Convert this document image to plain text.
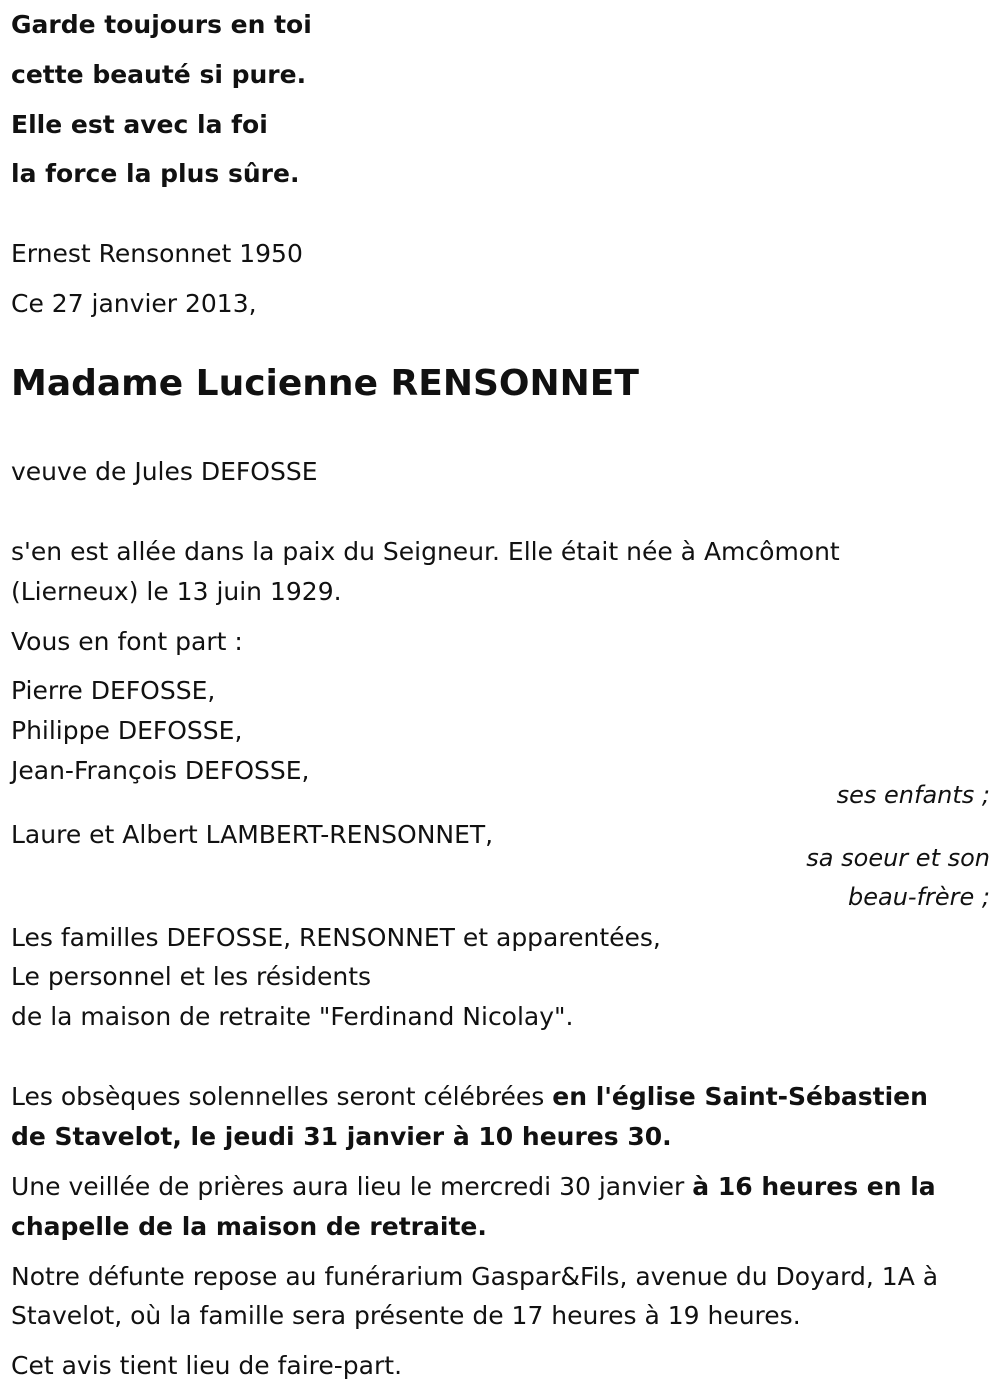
Garde toujours en toi
cette beauté si pure.
Elle est avec la foi
la force la plus sûre.
Ernest Rensonnet 1950
Ce 27 janvier 2013,
Madame Lucienne RENSONNET
veuve de Jules DEFOSSE
s'en est allée dans la paix du Seigneur. Elle était née à Amcômont
(Lierneux) le 13 juin 1929.
Vous en font part :
Pierre DEFOSSE,
Philippe DEFOSSE,
Jean-François DEFOSSE,
ses enfants ;
Laure et Albert LAMBERT-RENSONNET,
sa soeur et son
beau-frère ;
Les familles DEFOSSE, RENSONNET et apparentées,
Le personnel et les résidents
de la maison de retraite "Ferdinand Nicolay".
Les obsèques solennelles seront célébrées en l'église Saint-Sébastien
de Stavelot, le jeudi 31 janvier à 10 heures 30.
Une veillée de prières aura lieu le mercredi 30 janvier à 16 heures en la
chapelle de la maison de retraite.
Notre défunte repose au funérarium Gaspar&Fils, avenue du Doyard, 1A à
Stavelot, où la famille sera présente de 17 heures à 19 heures.
Cet avis tient lieu de faire-part.
